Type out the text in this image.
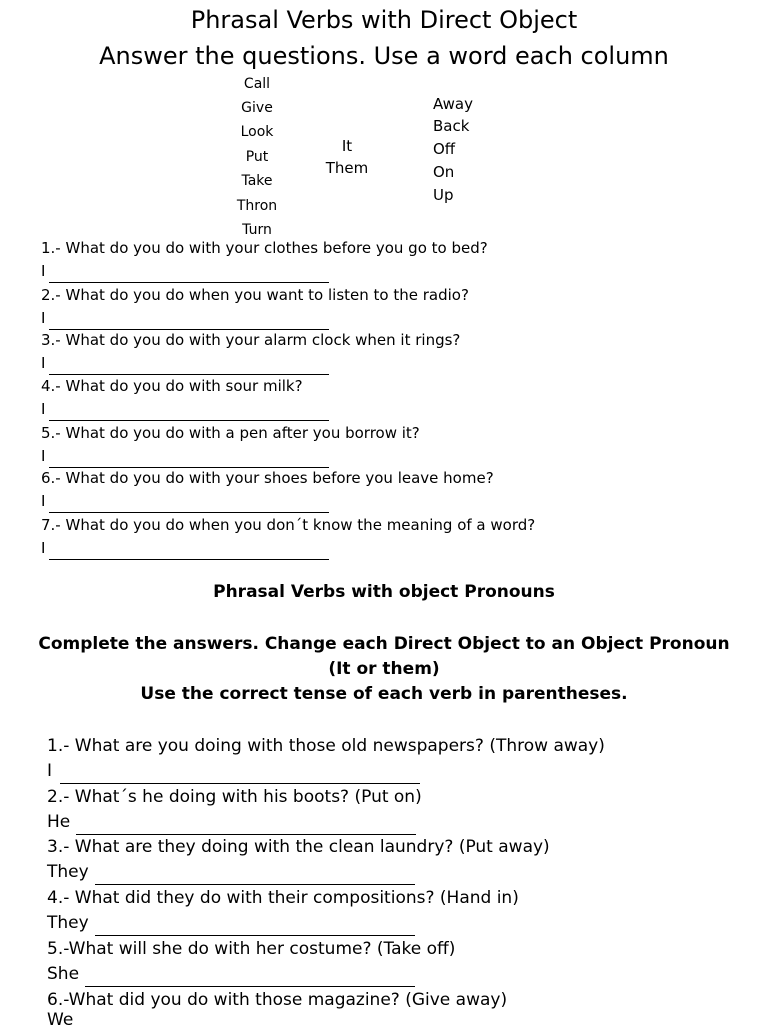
Phrasal Verbs with Direct Object
Answer the questions. Use a word each column
Call
Give
Look
Put
Take
Thron
Turn
It
Them
Away
Back
Off
On
Up
1.- What do you do with your clothes before you go to bed?
I
2.- What do you do when you want to listen to the radio?
I
3.- What do you do with your alarm clock when it rings?
I
4.- What do you do with sour milk?
I
5.- What do you do with a pen after you borrow it?
I
6.- What do you do with your shoes before you leave home?
I
7.- What do you do when you don´t know the meaning of a word?
I
Phrasal Verbs with object Pronouns
Complete the answers. Change each Direct Object to an Object Pronoun
(It or them)
Use the correct tense of each verb in parentheses.
1.- What are you doing with those old newspapers? (Throw away)
I
2.- What´s he doing with his boots? (Put on)
He
3.- What are they doing with the clean laundry? (Put away)
They
4.- What did they do with their compositions? (Hand in)
They
5.-What will she do with her costume? (Take off)
She
6.-What did you do with those magazine? (Give away)
We
